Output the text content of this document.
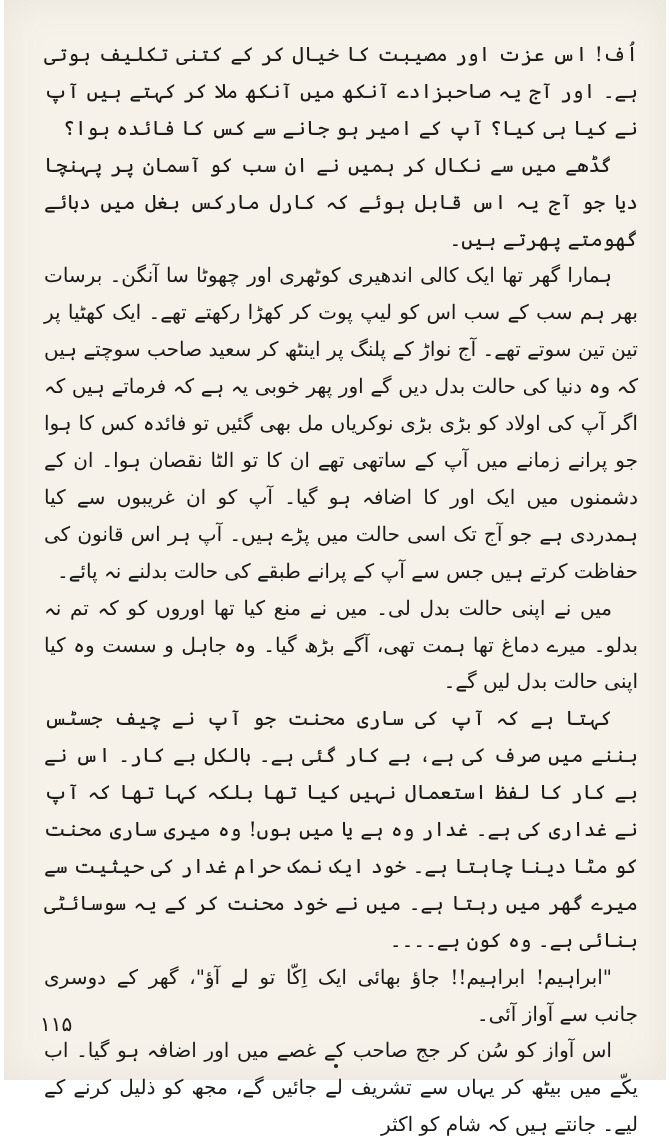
اُف! اس عزت اور مصیبت کا خیال کر کے کتنی تکلیف ہوتی ہے۔ اور آج یہ صاحبزادے آنکھ میں آنکھ ملا کر کہتے ہیں آپ نے کیا ہی کیا؟ آپ کے امیر ہو جانے سے کس کا فائدہ ہوا؟

گڈھے میں سے نکال کر ہمیں نے ان سب کو آسمان پر پہنچا دیا جو آج یہ اس قابل ہوئے کہ کارل مارکس بغل میں دبائے گھومتے پھرتے ہیں۔

ہمارا گھر تھا ایک کالی اندھیری کوٹھری اور چھوٹا سا آنگن۔ برسات بھر ہم سب کے سب اس کو لیپ پوت کر کھڑا رکھتے تھے۔ ایک کھٹیا پر تین تین سوتے تھے۔ آج نواڑ کے پلنگ پر اینٹھ کر سعید صاحب سوچتے ہیں کہ وہ دنیا کی حالت بدل دیں گے اور پھر خوبی یہ ہے کہ فرماتے ہیں کہ اگر آپ کی اولاد کو بڑی بڑی نوکریاں مل بھی گئیں تو فائدہ کس کا ہوا جو پرانے زمانے میں آپ کے ساتھی تھے ان کا تو الٹا نقصان ہوا۔ ان کے دشمنوں میں ایک اور کا اضافہ ہو گیا۔ آپ کو ان غریبوں سے کیا ہمدردی ہے جو آج تک اسی حالت میں پڑے ہیں۔ آپ ہر اس قانون کی حفاظت کرتے ہیں جس سے آپ کے پرانے طبقے کی حالت بدلنے نہ پائے۔

میں نے اپنی حالت بدل لی۔ میں نے منع کیا تھا اوروں کو کہ تم نہ بدلو۔ میرے دماغ تھا ہمت تھی، آگے بڑھ گیا۔ وہ جاہل و سست وہ کیا اپنی حالت بدل لیں گے۔

کہتا ہے کہ آپ کی ساری محنت جو آپ نے چیف جسٹس بننے میں صرف کی ہے، بے کار گئی ہے۔ بالکل بے کار۔ اس نے بے کار کا لفظ استعمال نہیں کیا تھا بلکہ کہا تھا کہ آپ نے غداری کی ہے۔ غدار وہ ہے یا میں ہوں! وہ میری ساری محنت کو مٹا دینا چاہتا ہے۔ خود ایک نمک حرام غدار کی حیثیت سے میرے گھر میں رہتا ہے۔ میں نے خود محنت کر کے یہ سوسائٹی بنائی ہے۔ وہ کون ہے۔۔۔۔

"ابراہیم! ابراہیم!! جاؤ بھائی ایک اِکّا تو لے آؤ"، گھر کے دوسری جانب سے آواز آئی۔

اس آواز کو سُن کر جج صاحب کے غصے میں اور اضافہ ہو گیا۔ اب یکّے میں بیٹھ کر یہاں سے تشریف لے جائیں گے، مجھ کو ذلیل کرنے کے لیے۔ جانتے ہیں کہ شام کو اکثر

۱۱۵
